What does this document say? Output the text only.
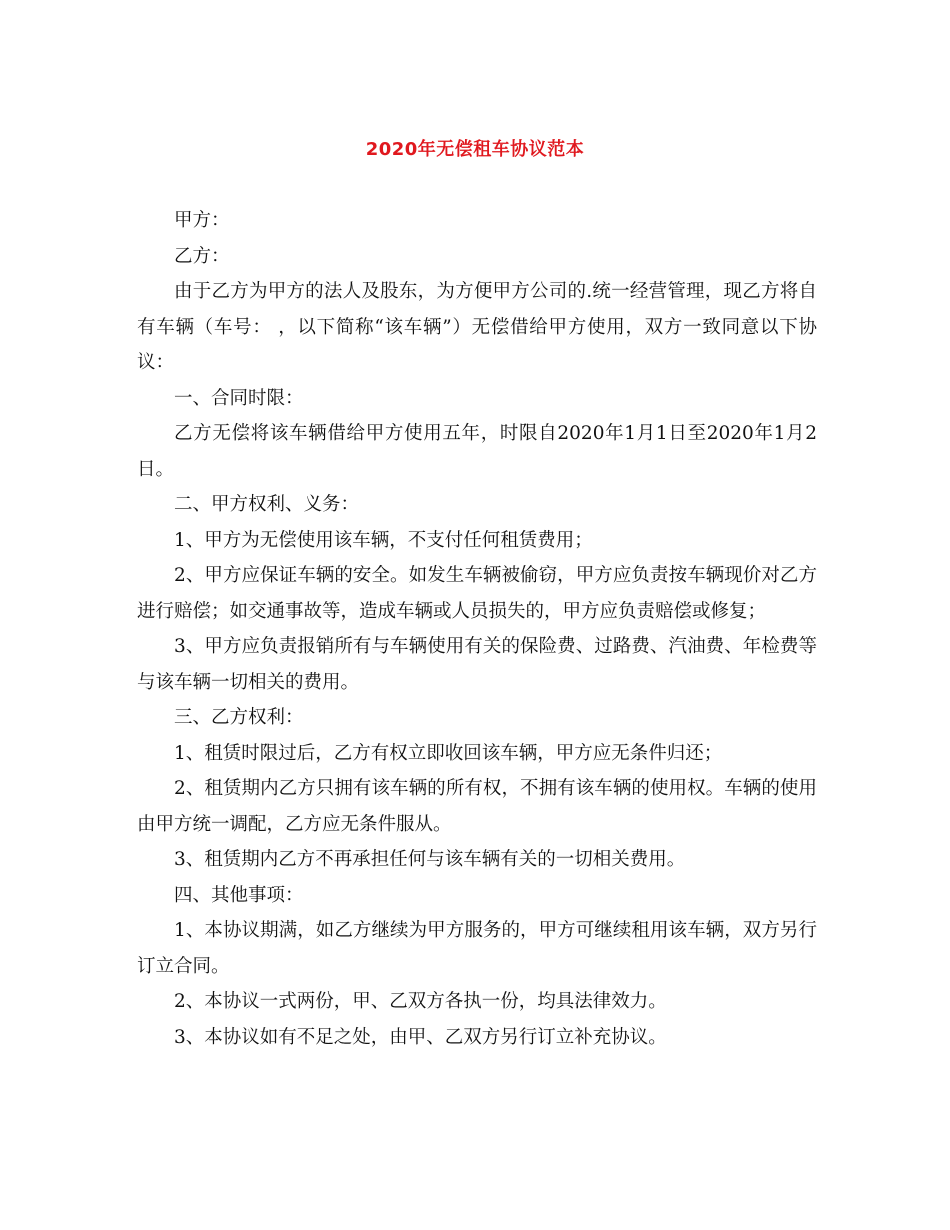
2020年无偿租车协议范本

甲方：

乙方：

由于乙方为甲方的法人及股东，为方便甲方公司的.统一经营管理，现乙方将自有车辆（车号： ，以下简称“该车辆”）无偿借给甲方使用，双方一致同意以下协议：

一、合同时限：

乙方无偿将该车辆借给甲方使用五年，时限自2020年1月1日至2020年1月2日。

二、甲方权利、义务：

1、甲方为无偿使用该车辆，不支付任何租赁费用；

2、甲方应保证车辆的安全。如发生车辆被偷窃，甲方应负责按车辆现价对乙方进行赔偿；如交通事故等，造成车辆或人员损失的，甲方应负责赔偿或修复；

3、甲方应负责报销所有与车辆使用有关的保险费、过路费、汽油费、年检费等与该车辆一切相关的费用。

三、乙方权利：

1、租赁时限过后，乙方有权立即收回该车辆，甲方应无条件归还；

2、租赁期内乙方只拥有该车辆的所有权，不拥有该车辆的使用权。车辆的使用由甲方统一调配，乙方应无条件服从。

3、租赁期内乙方不再承担任何与该车辆有关的一切相关费用。

四、其他事项：

1、本协议期满，如乙方继续为甲方服务的，甲方可继续租用该车辆，双方另行订立合同。

2、本协议一式两份，甲、乙双方各执一份，均具法律效力。

3、本协议如有不足之处，由甲、乙双方另行订立补充协议。
